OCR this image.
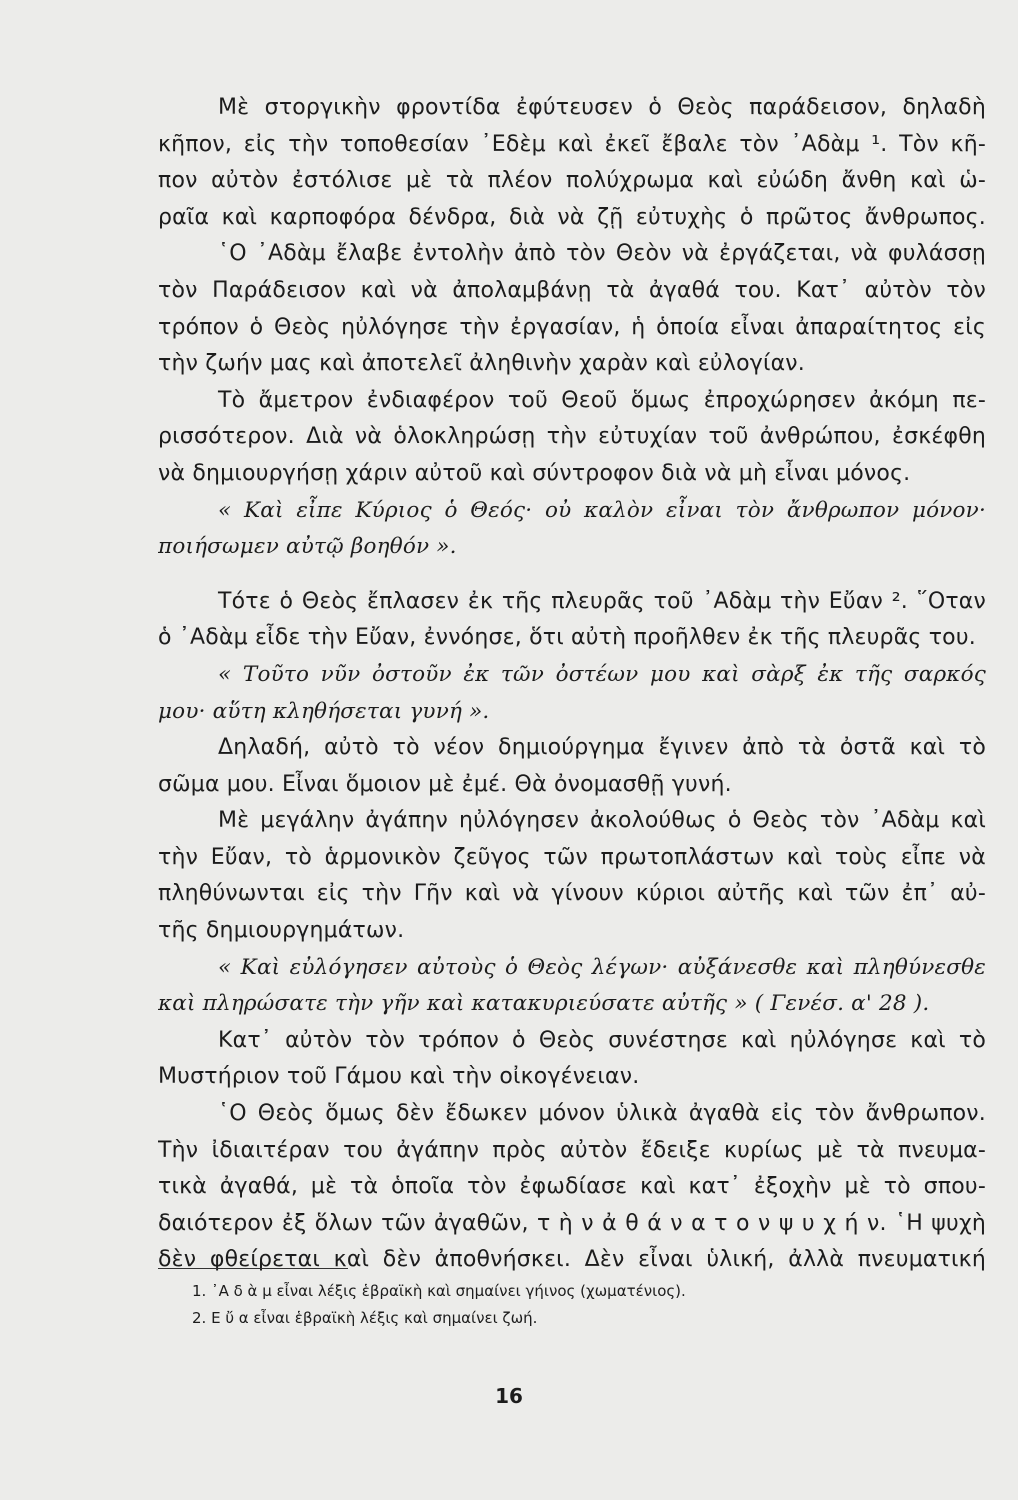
Μὲ στοργικὴν φροντίδα ἐφύτευσεν ὁ Θεὸς παράδεισον, δηλαδὴ
κῆπον, εἰς τὴν τοποθεσίαν ᾿Εδὲμ καὶ ἐκεῖ ἔβαλε τὸν ᾿Αδὰμ ¹. Τὸν κῆ-
πον αὐτὸν ἐστόλισε μὲ τὰ πλέον πολύχρωμα καὶ εὐώδη ἄνθη καὶ ὡ-
ραῖα καὶ καρποφόρα δένδρα, διὰ νὰ ζῇ εὐτυχὴς ὁ πρῶτος ἄνθρωπος.
῾Ο ᾿Αδὰμ ἔλαβε ἐντολὴν ἀπὸ τὸν Θεὸν νὰ ἐργάζεται, νὰ φυλάσσῃ
τὸν Παράδεισον καὶ νὰ ἀπολαμβάνῃ τὰ ἀγαθά του. Κατ᾿ αὐτὸν τὸν
τρόπον ὁ Θεὸς ηὐλόγησε τὴν ἐργασίαν, ἡ ὁποία εἶναι ἀπαραίτητος εἰς
τὴν ζωήν μας καὶ ἀποτελεῖ ἀληθινὴν χαρὰν καὶ εὐλογίαν.
Τὸ ἄμετρον ἐνδιαφέρον τοῦ Θεοῦ ὅμως ἐπροχώρησεν ἀκόμη πε-
ρισσότερον. Διὰ νὰ ὁλοκληρώσῃ τὴν εὐτυχίαν τοῦ ἀνθρώπου, ἐσκέφθη
νὰ δημιουργήσῃ χάριν αὐτοῦ καὶ σύντροφον διὰ νὰ μὴ εἶναι μόνος.
« Καὶ εἶπε Κύριος ὁ Θεός· οὐ καλὸν εἶναι τὸν ἄνθρωπον μόνον·
ποιήσωμεν αὐτῷ βοηθόν ».
Τότε ὁ Θεὸς ἔπλασεν ἐκ τῆς πλευρᾶς τοῦ ᾿Αδὰμ τὴν Εὔαν ². ῞Οταν
ὁ ᾿Αδὰμ εἶδε τὴν Εὔαν, ἐννόησε, ὅτι αὐτὴ προῆλθεν ἐκ τῆς πλευρᾶς του.
« Τοῦτο νῦν ὀστοῦν ἐκ τῶν ὀστέων μου καὶ σὰρξ ἐκ τῆς σαρκός
μου· αὕτη κληθήσεται γυνή ».
Δηλαδή, αὐτὸ τὸ νέον δημιούργημα ἔγινεν ἀπὸ τὰ ὀστᾶ καὶ τὸ
σῶμα μου. Εἶναι ὅμοιον μὲ ἐμέ. Θὰ ὀνομασθῇ γυνή.
Μὲ μεγάλην ἀγάπην ηὐλόγησεν ἀκολούθως ὁ Θεὸς τὸν ᾿Αδὰμ καὶ
τὴν Εὔαν, τὸ ἁρμονικὸν ζεῦγος τῶν πρωτοπλάστων καὶ τοὺς εἶπε νὰ
πληθύνωνται εἰς τὴν Γῆν καὶ νὰ γίνουν κύριοι αὐτῆς καὶ τῶν ἐπ᾿ αὐ-
τῆς δημιουργημάτων.
« Καὶ εὐλόγησεν αὐτοὺς ὁ Θεὸς λέγων· αὐξάνεσθε καὶ πληθύνεσθε
καὶ πληρώσατε τὴν γῆν καὶ κατακυριεύσατε αὐτῆς » ( Γενέσ. α' 28 ).
Κατ᾿ αὐτὸν τὸν τρόπον ὁ Θεὸς συνέστησε καὶ ηὐλόγησε καὶ τὸ
Μυστήριον τοῦ Γάμου καὶ τὴν οἰκογένειαν.
῾Ο Θεὸς ὅμως δὲν ἔδωκεν μόνον ὑλικὰ ἀγαθὰ εἰς τὸν ἄνθρωπον.
Τὴν ἰδιαιτέραν του ἀγάπην πρὸς αὐτὸν ἔδειξε κυρίως μὲ τὰ πνευμα-
τικὰ ἀγαθά, μὲ τὰ ὁποῖα τὸν ἐφωδίασε καὶ κατ᾿ ἐξοχὴν μὲ τὸ σπου-
δαιότερον ἐξ ὅλων τῶν ἀγαθῶν, τ ὴ ν ἀ θ ά ν α τ ο ν ψ υ χ ή ν. ῾Η ψυχὴ
δὲν φθείρεται καὶ δὲν ἀποθνήσκει. Δὲν εἶναι ὑλική, ἀλλὰ πνευματική
1. ᾿Α δ ὰ μ εἶναι λέξις ἑβραϊκὴ καὶ σημαίνει γήινος (χωματένιος).
2. Ε ὔ α εἶναι ἑβραϊκὴ λέξις καὶ σημαίνει ζωή.
16
